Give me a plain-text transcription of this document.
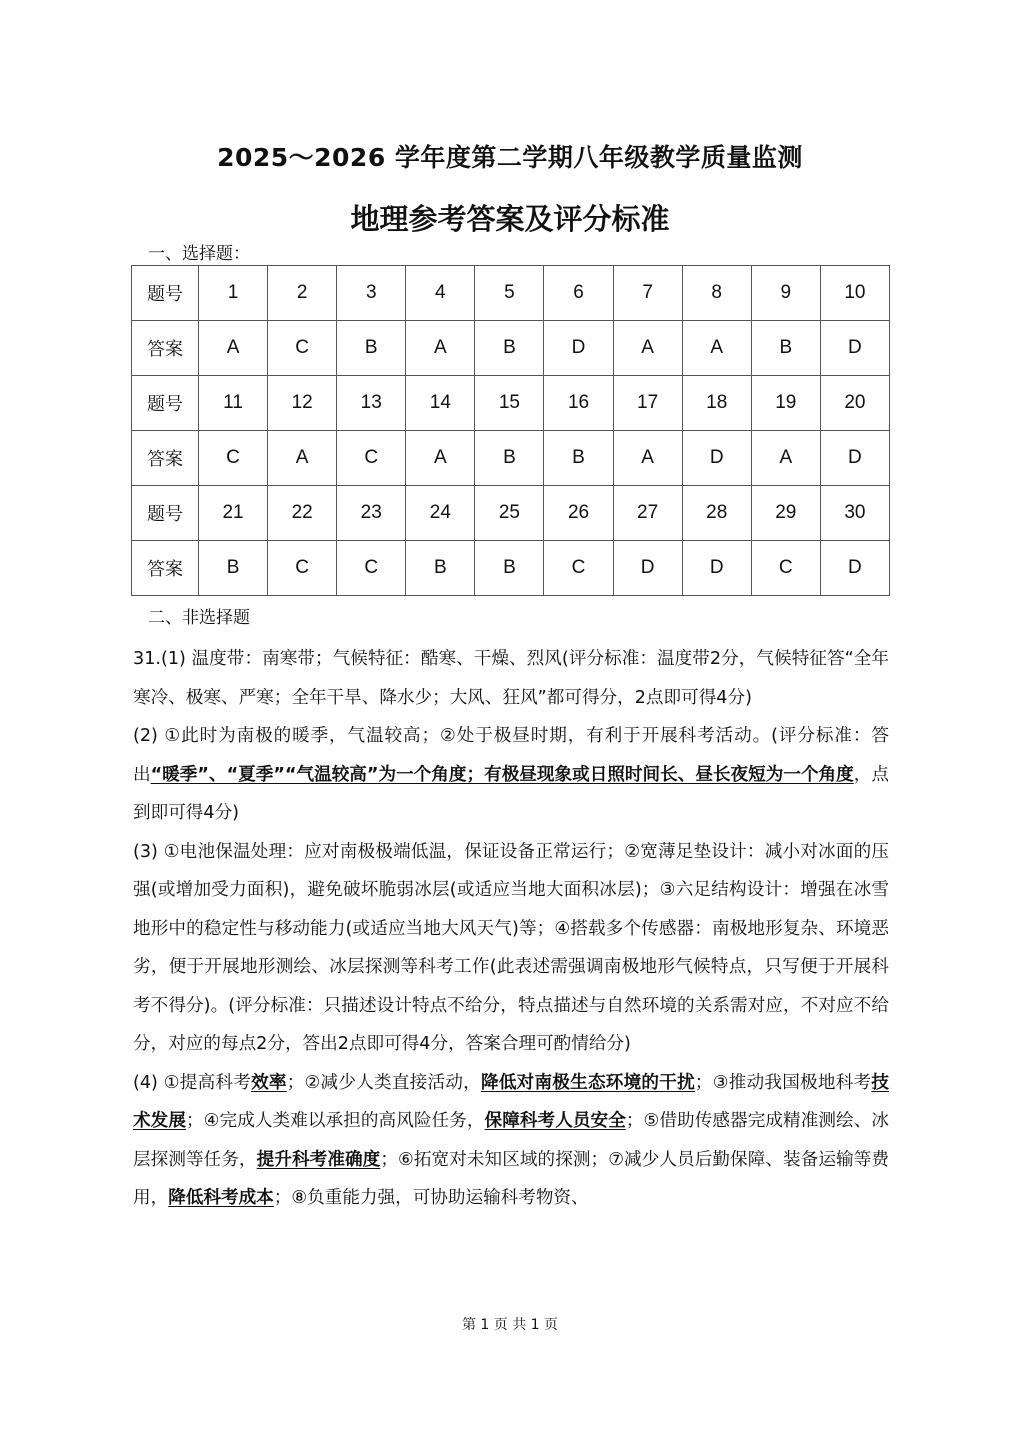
2025～2026 学年度第二学期八年级教学质量监测
地理参考答案及评分标准
一、选择题：
题号	1	2	3	4	5	6	7	8	9	10
答案	A	C	B	A	B	D	A	A	B	D
题号	11	12	13	14	15	16	17	18	19	20
答案	C	A	C	A	B	B	A	D	A	D
题号	21	22	23	24	25	26	27	28	29	30
答案	B	C	C	B	B	C	D	D	C	D
二、非选择题

31.(1) 温度带：南寒带；气候特征：酷寒、干燥、烈风(评分标准：温度带2分，气候特征答“全年寒冷、极寒、严寒；全年干旱、降水少；大风、狂风”都可得分，2点即可得4分)

(2) ①此时为南极的暖季，气温较高；②处于极昼时期，有利于开展科考活动。(评分标准：答出“暖季”、“夏季”“气温较高”为一个角度；有极昼现象或日照时间长、昼长夜短为一个角度，点到即可得4分)

(3) ①电池保温处理：应对南极极端低温，保证设备正常运行；②宽薄足垫设计：减小对冰面的压强(或增加受力面积)，避免破坏脆弱冰层(或适应当地大面积冰层)；③六足结构设计：增强在冰雪地形中的稳定性与移动能力(或适应当地大风天气)等；④搭载多个传感器：南极地形复杂、环境恶劣，便于开展地形测绘、冰层探测等科考工作(此表述需强调南极地形气候特点，只写便于开展科考不得分)。(评分标准：只描述设计特点不给分，特点描述与自然环境的关系需对应，不对应不给分，对应的每点2分，答出2点即可得4分，答案合理可酌情给分)

(4) ①提高科考效率；②减少人类直接活动，降低对南极生态环境的干扰；③推动我国极地科考技术发展；④完成人类难以承担的高风险任务，保障科考人员安全；⑤借助传感器完成精准测绘、冰层探测等任务，提升科考准确度；⑥拓宽对未知区域的探测；⑦减少人员后勤保障、装备运输等费用，降低科考成本；⑧负重能力强，可协助运输科考物资、

第 1 页 共 1 页
